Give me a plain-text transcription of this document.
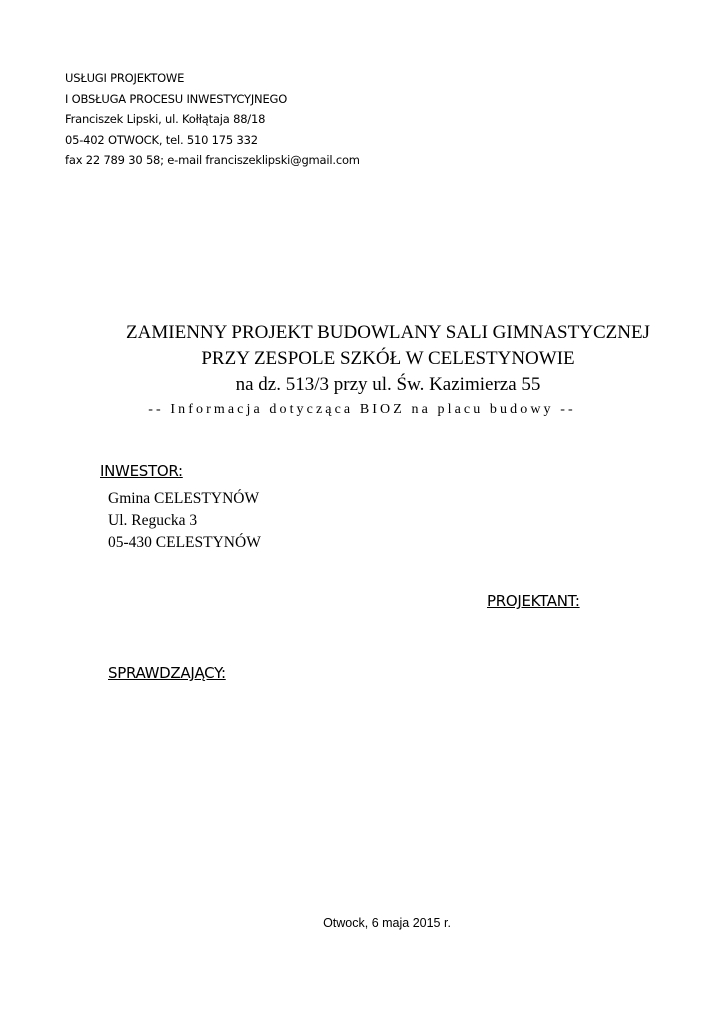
USŁUGI PROJEKTOWE
I OBSŁUGA PROCESU INWESTYCYJNEGO
Franciszek Lipski, ul. Kołłątaja 88/18
05-402 OTWOCK, tel. 510 175 332
fax 22 789 30 58; e-mail franciszeklipski@gmail.com
ZAMIENNY PROJEKT BUDOWLANY SALI GIMNASTYCZNEJ
PRZY ZESPOLE SZKÓŁ W CELESTYNOWIE
na dz. 513/3 przy ul. Św. Kazimierza 55
-- Informacja dotycząca BIOZ na placu budowy --
INWESTOR:
Gmina CELESTYNÓW
Ul. Regucka 3
05-430 CELESTYNÓW
PROJEKTANT:
SPRAWDZAJĄCY:
Otwock, 6 maja 2015 r.
